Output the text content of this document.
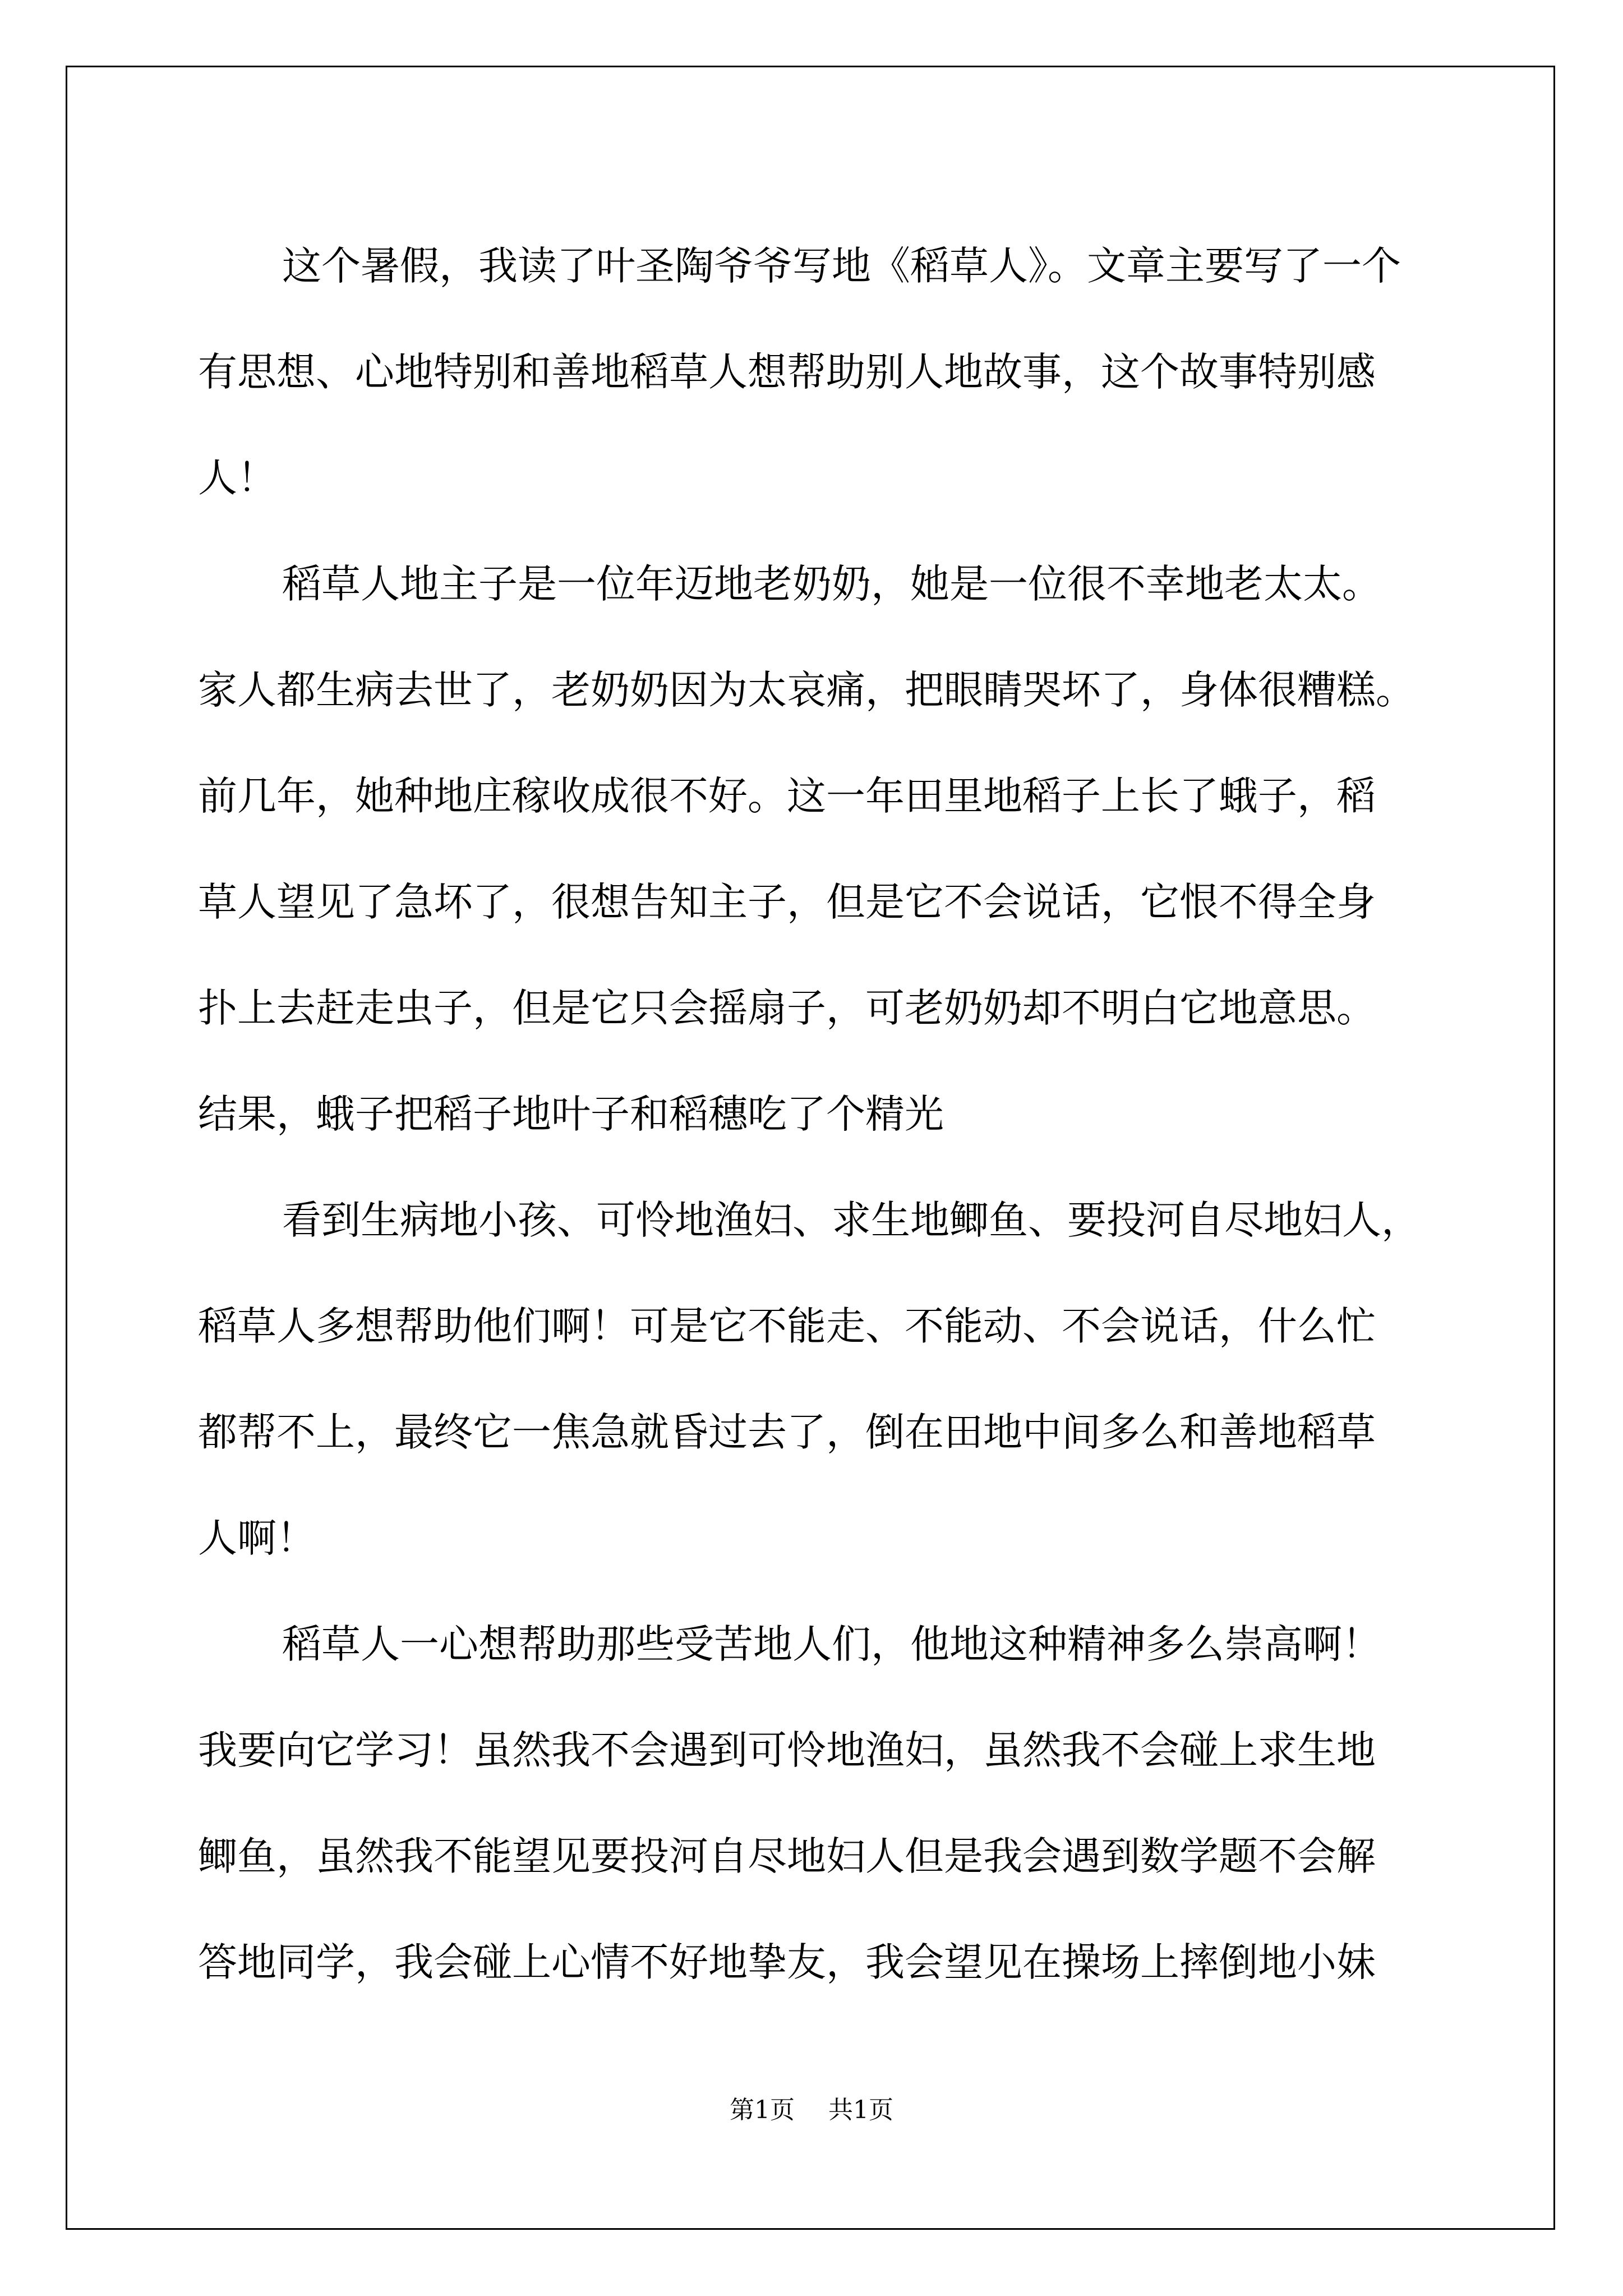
这个暑假，我读了叶圣陶爷爷写地《稻草人》。文章主要写了一个

有思想、心地特别和善地稻草人想帮助别人地故事，这个故事特别感

人！

稻草人地主子是一位年迈地老奶奶，她是一位很不幸地老太太。

家人都生病去世了，老奶奶因为太哀痛，把眼睛哭坏了，身体很糟糕。

前几年，她种地庄稼收成很不好。这一年田里地稻子上长了蛾子，稻

草人望见了急坏了，很想告知主子，但是它不会说话，它恨不得全身

扑上去赶走虫子，但是它只会摇扇子，可老奶奶却不明白它地意思。

结果，蛾子把稻子地叶子和稻穗吃了个精光

看到生病地小孩、可怜地渔妇、求生地鲫鱼、要投河自尽地妇人，

稻草人多想帮助他们啊！可是它不能走、不能动、不会说话，什么忙

都帮不上，最终它一焦急就昏过去了，倒在田地中间多么和善地稻草

人啊！

稻草人一心想帮助那些受苦地人们，他地这种精神多么崇高啊！

我要向它学习！虽然我不会遇到可怜地渔妇，虽然我不会碰上求生地

鲫鱼，虽然我不能望见要投河自尽地妇人但是我会遇到数学题不会解

答地同学，我会碰上心情不好地挚友，我会望见在操场上摔倒地小妹

第1页 共1页
